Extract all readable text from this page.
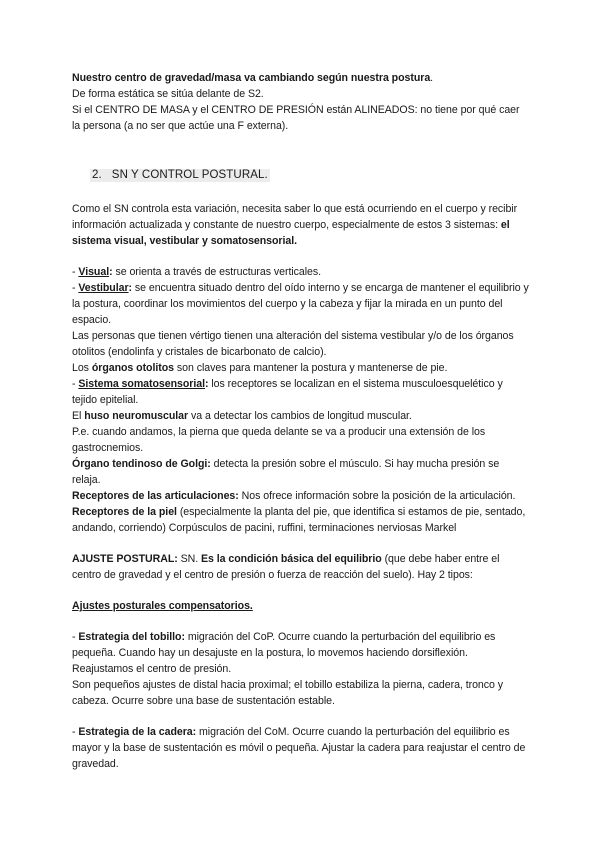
Nuestro centro de gravedad/masa va cambiando según nuestra postura.

De forma estática se sitúa delante de S2.

Si el CENTRO DE MASA y el CENTRO DE PRESIÓN están ALINEADOS: no tiene por qué caer la persona (a no ser que actúe una F externa).

2. SN Y CONTROL POSTURAL.

Como el SN controla esta variación, necesita saber lo que está ocurriendo en el cuerpo y recibir información actualizada y constante de nuestro cuerpo, especialmente de estos 3 sistemas: el sistema visual, vestibular y somatosensorial.

- Visual: se orienta a través de estructuras verticales.

- Vestibular: se encuentra situado dentro del oído interno y se encarga de mantener el equilibrio y la postura, coordinar los movimientos del cuerpo y la cabeza y fijar la mirada en un punto del espacio.

Las personas que tienen vértigo tienen una alteración del sistema vestibular y/o de los órganos otolitos (endolinfa y cristales de bicarbonato de calcio).

Los órganos otolitos son claves para mantener la postura y mantenerse de pie.

- Sistema somatosensorial: los receptores se localizan en el sistema musculoesquelético y tejido epitelial.

El huso neuromuscular va a detectar los cambios de longitud muscular.

P.e. cuando andamos, la pierna que queda delante se va a producir una extensión de los gastrocnemios.

Órgano tendinoso de Golgi: detecta la presión sobre el músculo. Si hay mucha presión se relaja.

Receptores de las articulaciones: Nos ofrece información sobre la posición de la articulación.

Receptores de la piel (especialmente la planta del pie, que identifica si estamos de pie, sentado, andando, corriendo) Corpúsculos de pacini, ruffini, terminaciones nerviosas Markel

AJUSTE POSTURAL: SN. Es la condición básica del equilibrio (que debe haber entre el centro de gravedad y el centro de presión o fuerza de reacción del suelo). Hay 2 tipos:

Ajustes posturales compensatorios.

- Estrategia del tobillo: migración del CoP. Ocurre cuando la perturbación del equilibrio es pequeña. Cuando hay un desajuste en la postura, lo movemos haciendo dorsiflexión.

Reajustamos el centro de presión.

Son pequeños ajustes de distal hacia proximal; el tobillo estabiliza la pierna, cadera, tronco y cabeza. Ocurre sobre una base de sustentación estable.

- Estrategia de la cadera: migración del CoM. Ocurre cuando la perturbación del equilibrio es mayor y la base de sustentación es móvil o pequeña. Ajustar la cadera para reajustar el centro de gravedad.
